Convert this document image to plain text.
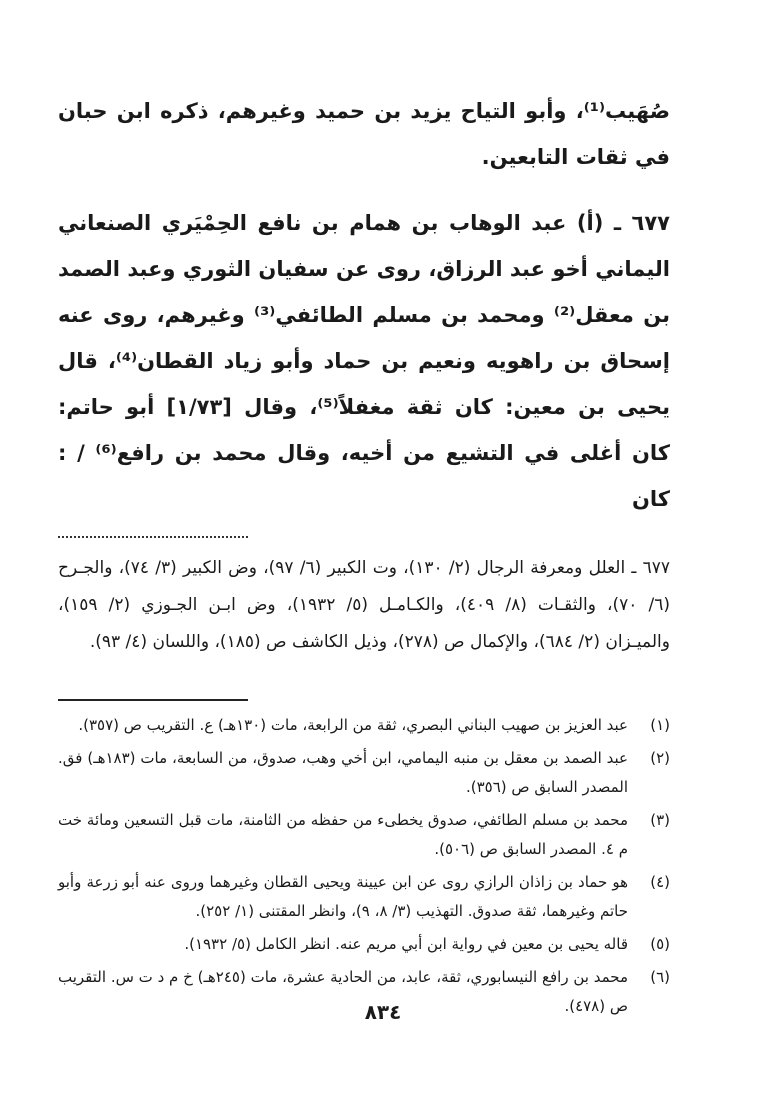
صُهَيب⁽¹⁾، وأبو التياح يزيد بن حميد وغيرهم، ذكره ابن حبان في ثقات التابعين.

٦٧٧ ـ (أ) عبد الوهاب بن همام بن نافع الحِمْيَري الصنعاني اليماني أخو عبد الرزاق، روى عن سفيان الثوري وعبد الصمد بن معقل⁽²⁾ ومحمد بن مسلم الطائفي⁽³⁾ وغيرهم، روى عنه إسحاق بن راهويه ونعيم بن حماد وأبو زياد القطان⁽⁴⁾، قال يحيى بن معين: كان ثقة مغفلاً⁽⁵⁾، وقال [١/٧٣] أبو حاتم: كان أغلى في التشيع من أخيه، وقال محمد بن رافع⁽⁶⁾ / : كان

٦٧٧ ـ العلل ومعرفة الرجال (٢/ ١٣٠)، وت الكبير (٦/ ٩٧)، وض الكبير (٣/ ٧٤)، والجـرح (٦/ ٧٠)، والثقـات (٨/ ٤٠٩)، والكـامـل (٥/ ١٩٣٢)، وض ابـن الجـوزي (٢/ ١٥٩)، والميـزان (٢/ ٦٨٤)، والإكمال ص (٢٧٨)، وذيل الكاشف ص (١٨٥)، واللسان (٤/ ٩٣).
(١)
عبد العزيز بن صهيب البناني البصري، ثقة من الرابعة، مات (١٣٠هـ) ع. التقريب ص (٣٥٧).
(٢)
عبد الصمد بن معقل بن منبه اليمامي، ابن أخي وهب، صدوق، من السابعة، مات (١٨٣هـ) فق. المصدر السابق ص (٣٥٦).
(٣)
محمد بن مسلم الطائفي، صدوق يخطىء من حفظه من الثامنة، مات قبل التسعين ومائة خت م ٤. المصدر السابق ص (٥٠٦).
(٤)
هو حماد بن زاذان الرازي روى عن ابن عيينة ويحيى القطان وغيرهما وروى عنه أبو زرعة وأبو حاتم وغيرهما، ثقة صدوق. التهذيب (٣/ ٨، ٩)، وانظر المقتنى (١/ ٢٥٢).
(٥)
قاله يحيى بن معين في رواية ابن أبي مريم عنه. انظر الكامل (٥/ ١٩٣٢).
(٦)
محمد بن رافع النيسابوري، ثقة، عابد، من الحادية عشرة، مات (٢٤٥هـ) خ م د ت س. التقريب ص (٤٧٨).
٨٣٤
